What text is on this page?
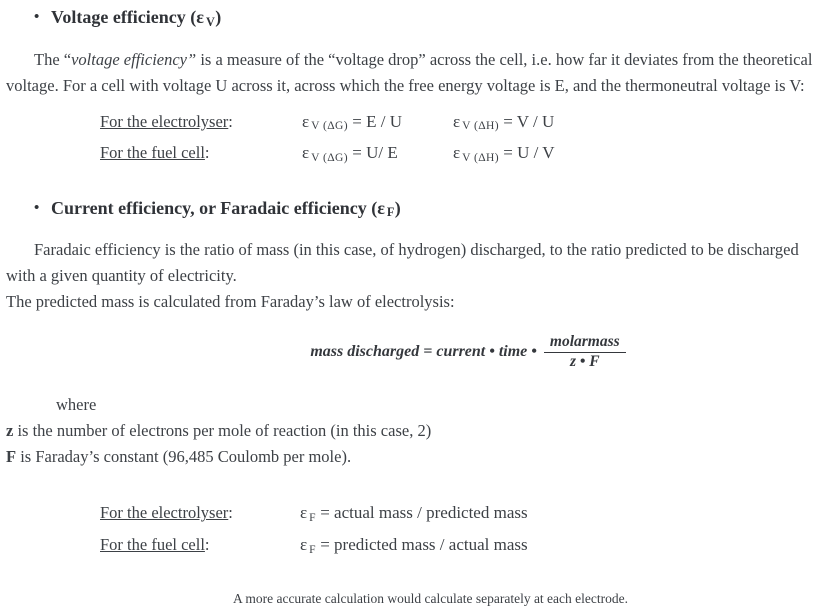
• Voltage efficiency (ε $_V$)
The “voltage efficiency” is a measure of the “voltage drop” across the cell, i.e. how far it deviates from the theoretical
voltage. For a cell with voltage U across it, across which the free energy voltage is E, and the thermoneutral voltage is V:
For the electrolyser:	ε $_{V (\Delta G)}$ = E / U	ε $_{V (\Delta H)}$ = V / U
For the fuel cell:	ε $_{V (\Delta G)}$ = U/ E	ε $_{V (\Delta H)}$ = U / V
• Current efficiency, or Faradaic efficiency (ε $_F$)
Faradaic efficiency is the ratio of mass (in this case, of hydrogen) discharged, to the ratio predicted to be discharged
with a given quantity of electricity.
The predicted mass is calculated from Faraday’s law of electrolysis:
mass discharged = current • time • $\frac{\text{molarmass}}{z • F}$
where
z is the number of electrons per mole of reaction (in this case, 2)
F is Faraday’s constant (96,485 Coulomb per mole).
For the electrolyser:	ε $_F$ = actual mass / predicted mass
For the fuel cell:	ε $_F$ = predicted mass / actual mass
A more accurate calculation would calculate separately at each electrode.
